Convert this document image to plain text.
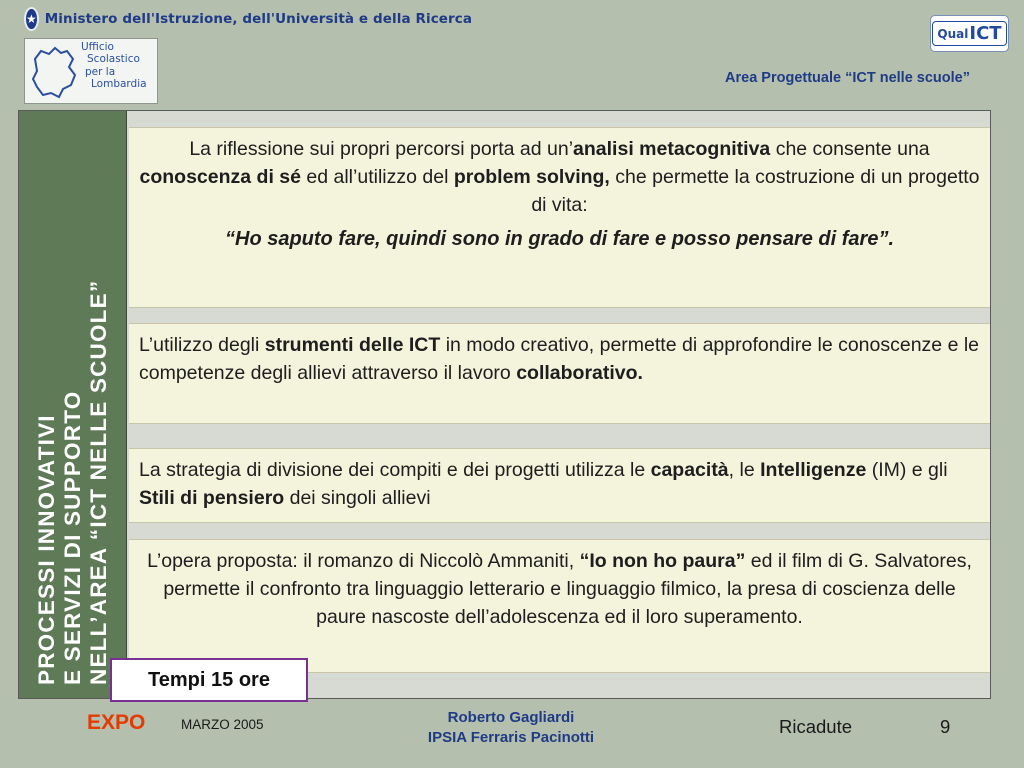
★ Ministero dell'Istruzione, dell'Università e della Ricerca
Ufficio
Scolastico
per la
Lombardia
Qual ICT
Area Progettuale “ICT nelle scuole”
PROCESSI INNOVATIVI E SERVIZI DI SUPPORTO NELL’AREA “ICT NELLE SCUOLE”
La riflessione sui propri percorsi porta ad un’analisi metacognitiva che consente una conoscenza di sé ed all’utilizzo del problem solving, che permette la costruzione di un progetto di vita:
“Ho saputo fare, quindi sono in grado di fare e posso pensare di fare”.
L’utilizzo degli strumenti delle ICT in modo creativo, permette di approfondire le conoscenze e le competenze degli allievi attraverso il lavoro collaborativo.
La strategia di divisione dei compiti e dei progetti utilizza le capacità, le Intelligenze (IM) e gli Stili di pensiero dei singoli allievi
L’opera proposta: il romanzo di Niccolò Ammaniti, “Io non ho paura” ed il film di G. Salvatores, permette il confronto tra linguaggio letterario e linguaggio filmico, la presa di coscienza delle paure nascoste dell’adolescenza ed il loro superamento.
Tempi 15 ore
EXPO	MARZO 2005	Roberto Gagliardi
IPSIA Ferraris Pacinotti
Ricadute	9
